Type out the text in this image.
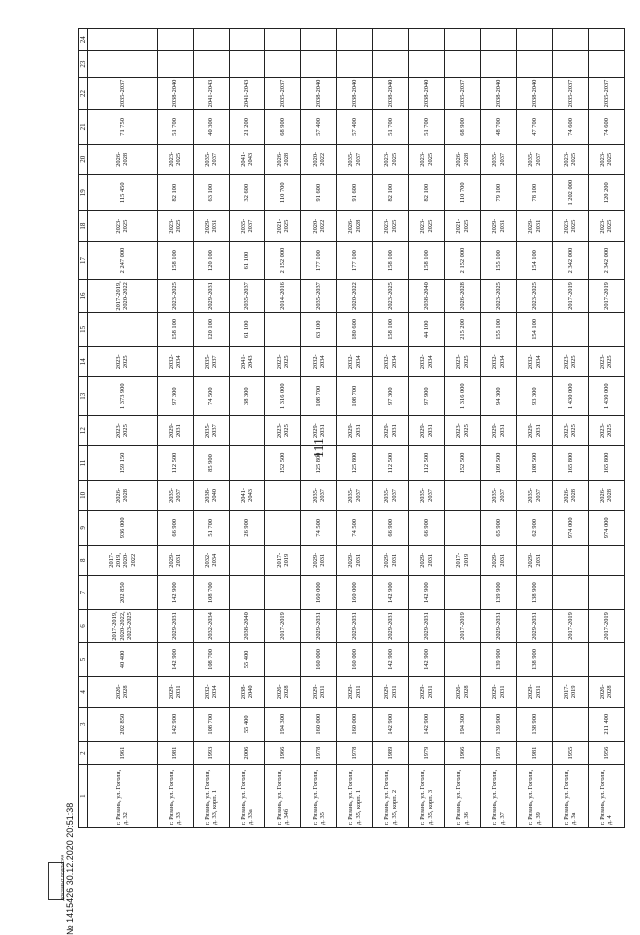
111
1	2	3	4	5	6	7	8	9	10	11	12	13	14	15	16	17	18	19	20	21	22	23	24
г. Рязань, ул. Гоголя, д. 32	1961	202 850	2026-2028	40 400	2017-2019, 2020-2022, 2023-2025	202 850	2017-2019, 2020-2022	936 000	2026-2028	159 150	2023-2025	1 373 900	2023-2025		2017-2019, 2020-2022	2 247 000	2023-2025	115 450	2026-2028	71 750	2035-2037		
г. Рязань, ул. Гоголя, д. 33	1981	142 900	2029-2031	142 900	2029-2031	142 900	2029-2031	66 900	2035-2037	112 500	2029-2031	97 300	2032-2034	158 100	2023-2025	158 100	2023-2025	82 100	2023-2025	51 700	2038-2040		
г. Рязань, ул. Гоголя, д. 33, корп. 1	1993	108 700	2032-2034	108 700	2032-2034	108 700	2032-2034	51 700	2038-2040	85 900	2035-2037	74 500	2035-2037	120 100	2029-2031	120 100	2029-2031	63 100	2035-2037	40 300	2041-2043		
г. Рязань, ул. Гоголя, д. 33а	2006	55 400	2038-2040	55 400	2038-2040			26 900	2041-2043			38 300	2041-2043	61 100	2035-2037	61 100	2035-2037	32 600	2041-2043	21 200	2041-2043		
г. Рязань, ул. Гоголя, д. 34б	1966	194 300	2026-2028		2017-2019		2017-2019			152 500	2023-2025	1 316 000	2023-2025		2014-2016	2 152 000	2021-2025	110 700	2026-2028	68 900	2035-2037		
г. Рязань, ул. Гоголя, д. 35	1978	160 000	2029-2031	160 000	2029-2031	160 000	2029-2031	74 500	2035-2037	125 800	2029-2031	108 700	2032-2034	63 100	2035-2037	177 100	2020-2022	91 600	2020-2022	57 400	2038-2040		
г. Рязань, ул. Гоголя, д. 35, корп. 1	1978	160 000	2029-2031	160 000	2029-2031	160 000	2029-2031	74 500	2035-2037	125 800	2029-2031	108 700	2032-2034	180 600	2020-2022	177 100	2026-2028	91 600	2035-2037	57 400	2038-2040		
г. Рязань, ул. Гоголя, д. 35, корп. 2	1989	142 900	2029-2031	142 900	2029-2031	142 900	2029-2031	66 900	2035-2037	112 500	2029-2031	97 300	2032-2034	158 100	2023-2025	158 100	2023-2025	82 100	2023-2025	51 700	2038-2040		
г. Рязань, ул. Гоголя, д. 35, корп. 3	1979	142 900	2029-2031	142 900	2029-2031	142 900	2029-2031	66 900	2035-2037	112 500	2029-2031	97 900	2032-2034	44 100	2038-2040	158 100	2023-2025	82 100	2023-2025	51 700	2038-2040		
г. Рязань, ул. Гоголя, д. 36	1966	194 300	2026-2028		2017-2019		2017-2019			152 500	2023-2025	1 316 000	2023-2025	215 200	2026-2028	2 152 000	2021-2025	110 700	2026-2028	68 900	2035-2037		
г. Рязань, ул. Гоголя, д. 37	1979	139 900	2029-2031	139 900	2029-2031	139 900	2029-2031	65 900	2035-2037	109 500	2029-2031	94 300	2032-2034	155 100	2023-2025	155 100	2029-2031	79 100	2035-2037	48 700	2038-2040		
г. Рязань, ул. Гоголя, д. 39	1981	138 900	2029-2031	138 900	2029-2031	138 900	2029-2031	62 900	2035-2037	108 500	2029-2031	93 300	2032-2034	154 100	2023-2025	154 100	2029-2031	78 100	2035-2037	47 700	2038-2040		
г. Рязань, ул. Гоголя, д. 3а	1955		2017-2019		2017-2019			974 000	2026-2028	165 800	2023-2025	1 430 000	2023-2025		2017-2019	2 342 000	2023-2025	1 202 000	2023-2025	74 600	2035-2037		
г. Рязань, ул. Гоголя, д. 4	1956	211 400	2026-2028		2017-2019			974 000	2026-2028	165 800	2023-2025	1 430 000	2023-2025		2017-2019	2 342 000	2023-2025	120 200	2023-2025	74 600	2035-2037		
№ 1415426 30.12.2020 20:51:38
ДОКУМЕНТ ПОДПИСАН
